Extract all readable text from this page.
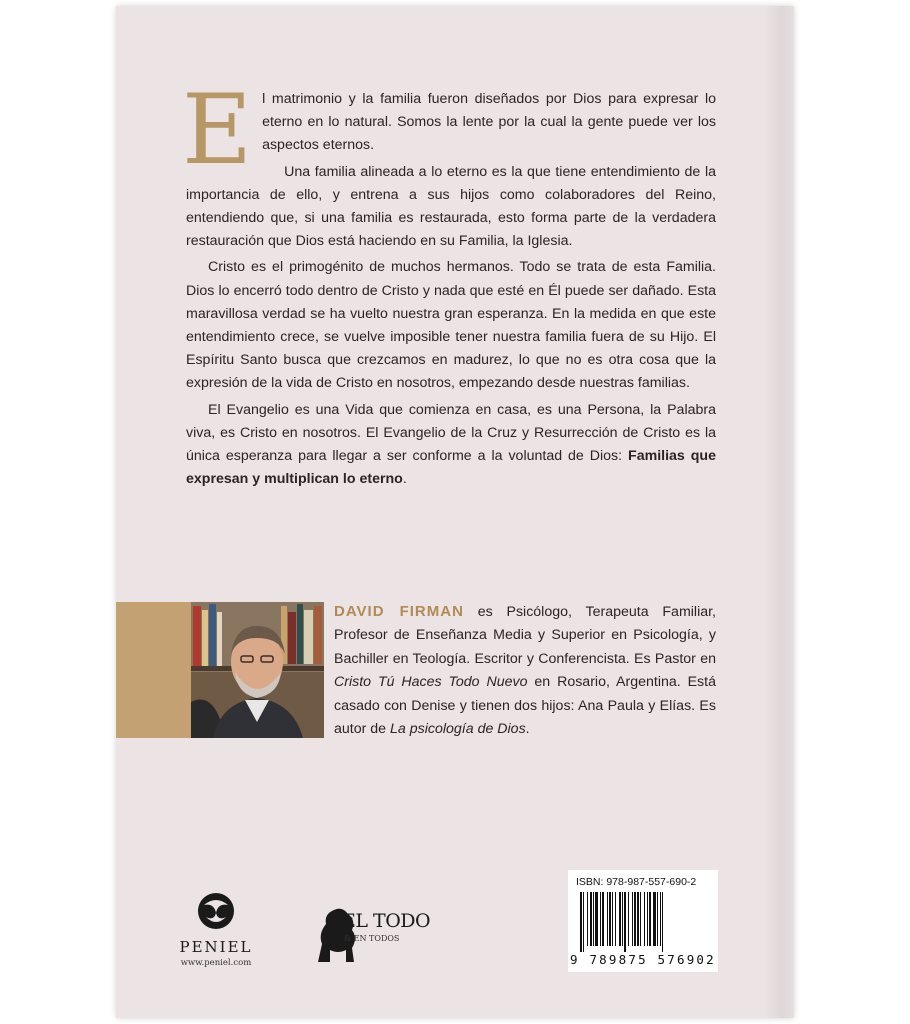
El matrimonio y la familia fueron diseñados por Dios para expresar lo eterno en lo natural. Somos la lente por la cual la gente puede ver los aspectos eternos.

Una familia alineada a lo eterno es la que tiene entendimiento de la importancia de ello, y entrena a sus hijos como colaboradores del Reino, entendiendo que, si una familia es restaurada, esto forma parte de la verdadera restauración que Dios está haciendo en su Familia, la Iglesia.

Cristo es el primogénito de muchos hermanos. Todo se trata de esta Familia. Dios lo encerró todo dentro de Cristo y nada que esté en Él puede ser dañado. Esta maravillosa verdad se ha vuelto nuestra gran esperanza. En la medida en que este entendimiento crece, se vuelve imposible tener nuestra familia fuera de su Hijo. El Espíritu Santo busca que crezcamos en madurez, lo que no es otra cosa que la expresión de la vida de Cristo en nosotros, empezando desde nuestras familias.

El Evangelio es una Vida que comienza en casa, es una Persona, la Palabra viva, es Cristo en nosotros. El Evangelio de la Cruz y Resurrección de Cristo es la única esperanza para llegar a ser conforme a la voluntad de Dios: Familias que expresan y multiplican lo eterno.

DAVID FIRMAN es Psicólogo, Terapeuta Familiar, Profesor de Enseñanza Media y Superior en Psicología, y Bachiller en Teología. Escritor y Conferencista. Es Pastor en Cristo Tú Haces Todo Nuevo en Rosario, Argentina. Está casado con Denise y tienen dos hijos: Ana Paula y Elías. Es autor de La psicología de Dios.
PENIEL
www.peniel.com
EL TODO
& EN TODOS
ISBN: 978-987-557-690-2
9 789875 576902
